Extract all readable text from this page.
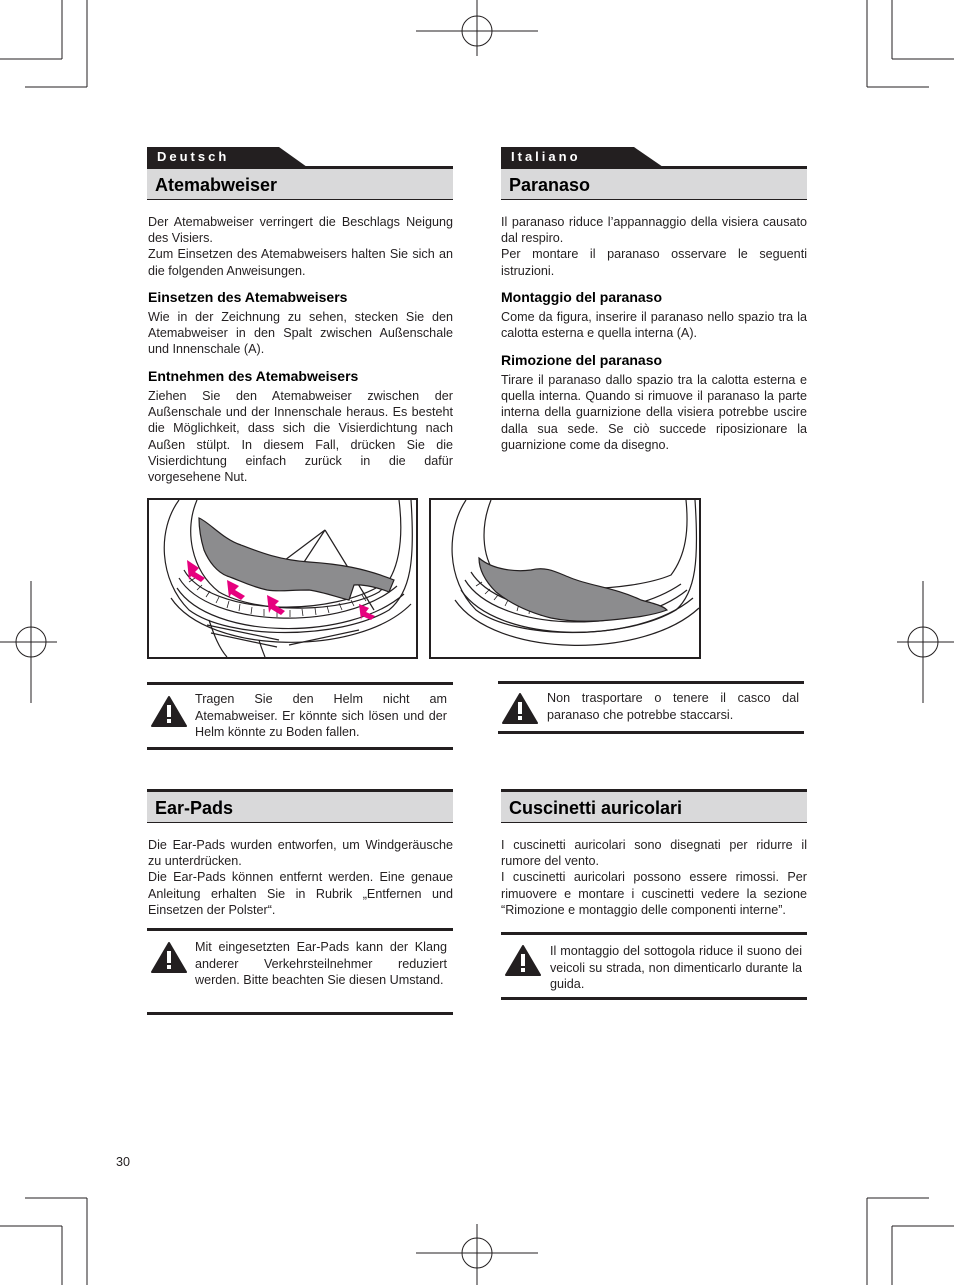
Deutsch
Atemabweiser

Der Atemabweiser verringert die Beschlags Neigung des Visiers.

Zum Einsetzen des Atemabweisers halten Sie sich an die folgenden Anweisungen.

Einsetzen des Atemabweisers
Wie in der Zeichnung zu sehen, stecken Sie den Atemabweiser in den Spalt zwischen Außenschale und Innenschale (A).
Entnehmen des Atemabweisers
Ziehen Sie den Atemabweiser zwischen der Außenschale und der Innenschale heraus. Es besteht die Möglichkeit, dass sich die Visierdichtung nach Außen stülpt. In diesem Fall, drücken Sie die Visierdichtung einfach zurück in die dafür vorgesehene Nut.
Italiano
Paranaso

Il paranaso riduce l’appannaggio della visiera causato dal respiro.

Per montare il paranaso osservare le seguenti istruzioni.

Montaggio del paranaso
Come da figura, inserire il paranaso nello spazio tra la calotta esterna e quella interna (A).
Rimozione del paranaso
Tirare il paranaso dallo spazio tra la calotta esterna e quella interna. Quando si rimuove il paranaso la parte interna della guarnizione della visiera potrebbe uscire dalla sua sede. Se ciò succede riposizionare la guarnizione come da disegno.
Tragen Sie den Helm nicht am Atemabweiser. Er könnte sich lösen und der Helm könnte zu Boden fallen.
Non trasportare o tenere il casco dal paranaso che potrebbe staccarsi.
Ear-Pads

Die Ear-Pads wurden entworfen, um Windgeräusche zu unterdrücken.

Die Ear-Pads können entfernt werden. Eine genaue Anleitung erhalten Sie in Rubrik „Entfernen und Einsetzen der Polster“.

Mit eingesetzten Ear-Pads kann der Klang anderer Verkehrsteilnehmer reduziert werden. Bitte beachten Sie diesen Umstand.
Cuscinetti auricolari

I cuscinetti auricolari sono disegnati per ridurre il rumore del vento.

I cuscinetti auricolari possono essere rimossi. Per rimuovere e montare i cuscinetti vedere la sezione “Rimozione e montaggio delle componenti interne”.

Il montaggio del sottogola riduce il suono dei veicoli su strada, non dimenticarlo durante la guida.
30
